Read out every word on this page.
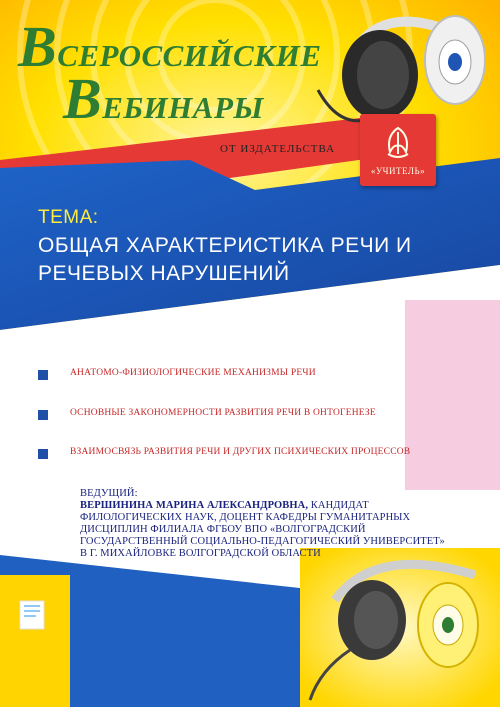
ВСЕРОССИЙСКИЕ
ВЕБИНАРЫ
ОТ ИЗДАТЕЛЬСТВА
«УЧИТЕЛЬ»
ТЕМА:
ОБЩАЯ ХАРАКТЕРИСТИКА РЕЧИ И РЕЧЕВЫХ НАРУШЕНИЙ
АНАТОМО-ФИЗИОЛОГИЧЕСКИЕ МЕХАНИЗМЫ РЕЧИ
ОСНОВНЫЕ ЗАКОНОМЕРНОСТИ РАЗВИТИЯ РЕЧИ В ОНТОГЕНЕЗЕ
ВЗАИМОСВЯЗЬ РАЗВИТИЯ РЕЧИ И ДРУГИХ ПСИХИЧЕСКИХ ПРОЦЕССОВ
ВЕДУЩИЙ:
ВЕРШИНИНА МАРИНА АЛЕКСАНДРОВНА, КАНДИДАТ ФИЛОЛОГИЧЕСКИХ НАУК, ДОЦЕНТ КАФЕДРЫ ГУМАНИТАРНЫХ ДИСЦИПЛИН ФИЛИАЛА ФГБОУ ВПО «ВОЛГОГРАДСКИЙ ГОСУДАРСТВЕННЫЙ СОЦИАЛЬНО-ПЕДАГОГИЧЕСКИЙ УНИВЕРСИТЕТ» В Г. МИХАЙЛОВКЕ ВОЛГОГРАДСКОЙ ОБЛАСТИ
